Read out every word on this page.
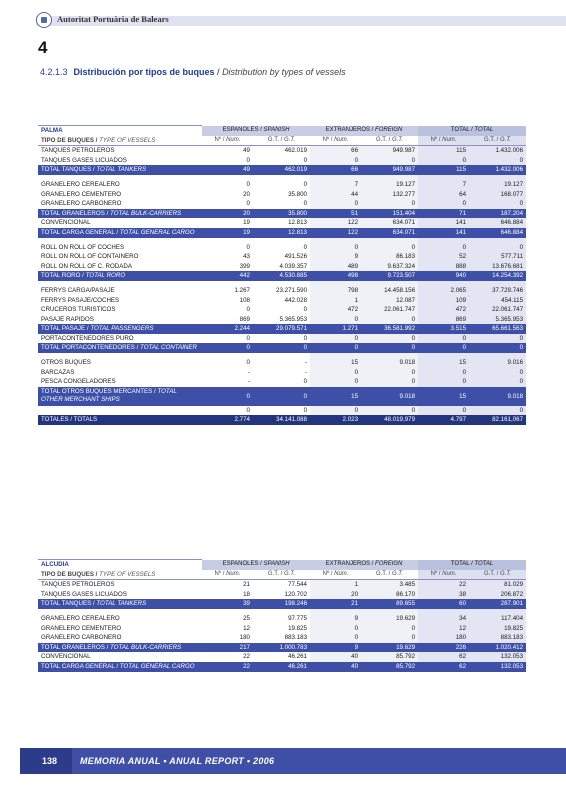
Autoritat Portuària de Balears
4
4.2.1.3 Distribución por tipos de buques / Distribution by types of vessels
PALMA	ESPAÑOLES / SPANISH		EXTRANJEROS / FOREIGN		TOTAL / TOTAL	
TIPO DE BUQUES / TYPE OF VESSELS	Nº / Num.	G.T. / G.T.	Nº / Num.	G.T. / G.T.	Nº / Num.	G.T. / G.T.
TANQUES PETROLEROS	49	462.019	66	949.987	115	1.432.006
TANQUES GASES LICUADOS	0	0	0	0	0	0
TOTAL TANQUES / TOTAL TANKERS	49	462.019	66	949.987	115	1.432.006

GRANELERO CEREALERO	0	0	7	19.127	7	19.127
GRANELERO CEMENTERO	20	35.800	44	132.277	64	168.077
GRANELERO CARBONERO	0	0	0	0	0	0
TOTAL GRANELEROS / TOTAL BULK-CARRIERS	20	35.800	51	151.404	71	187.204
CONVENCIONAL	19	12.813	122	634.071	141	646.884
TOTAL CARGA GENERAL / TOTAL GENERAL CARGO	19	12.813	122	634.071	141	646.884

ROLL ON ROLL OF COCHES	0	0	0	0	0	0
ROLL ON ROLL OF CONTAINERO	43	491.526	9	86.183	52	577.711
ROLL ON ROLL OF C. RODADA	399	4.039.357	489	9.637.324	888	13.676.681
TOTAL RORO / TOTAL RORO	442	4.530.885	498	9.723.507	940	14.254.392

FERRYS CARGA/PASAJE	1.267	23.271.590	798	14.458.156	2.065	37.729.746
FERRYS PASAJE/COCHES	108	442.028	1	12.087	109	454.115
CRUCEROS TURISTICOS	0	0	472	22.061.747	472	22.061.747
PASAJE RAPIDOS	869	5.365.953	0	0	869	5.365.953
TOTAL PASAJE / TOTAL PASSENGERS	2.244	29.079.571	1.271	36.581.992	3.515	65.661.563
PORTACONTENEDORES PURO	0	0	0	0	0	0
TOTAL PORTACONTENEDORES / TOTAL CONTAINER	0	0	0	0	0	0

OTROS BUQUES	0	-	15	9.018	15	9.016
BARCAZAS	-	-	0	0	0	0
PESCA CONGELADORES	-	0	0	0	0	0
TOTAL OTROS BUQUES MERCANTES / TOTAL OTHER MERCHANT SHIPS	0	0	15	9.018	15	9.018
	0	0	0	0	0	0
TOTALES / TOTALS	2.774	34.141.088	2.023	48.019,979	4.797	82.161,067
ALCUDIA	ESPAÑOLES / SPANISH		EXTRANJEROS / FOREIGN		TOTAL / TOTAL	
TIPO DE BUQUES / TYPE OF VESSELS	Nº / Num.	G.T. / G.T.	Nº / Num.	G.T. / G.T.	Nº / Num.	G.T. / G.T.
TANQUES PETROLEROS	21	77.544	1	3.485	22	81.029
TANQUES GASES LICUADOS	18	120.702	20	86.170	38	206.872
TOTAL TANQUES / TOTAL TANKERS	39	198.246	21	89.655	60	287.901

GRANELERO CEREALERO	25	97.775	9	19.629	34	117.404
GRANELERO CEMENTERO	12	19.825	0	0	12	19.825
GRANELERO CARBONERO	180	883.183	0	0	180	883.183
TOTAL GRANELEROS / TOTAL BULK-CARRIERS	217	1.000.783	9	19.629	226	1.020.412
CONVENCIONAL	22	46.261	40	85.792	62	132.053
TOTAL CARGA GENERAL / TOTAL GENERAL CARGO	22	46.261	40	85.792	62	132.053
138	MEMORIA ANUAL • ANUAL REPORT • 2006
